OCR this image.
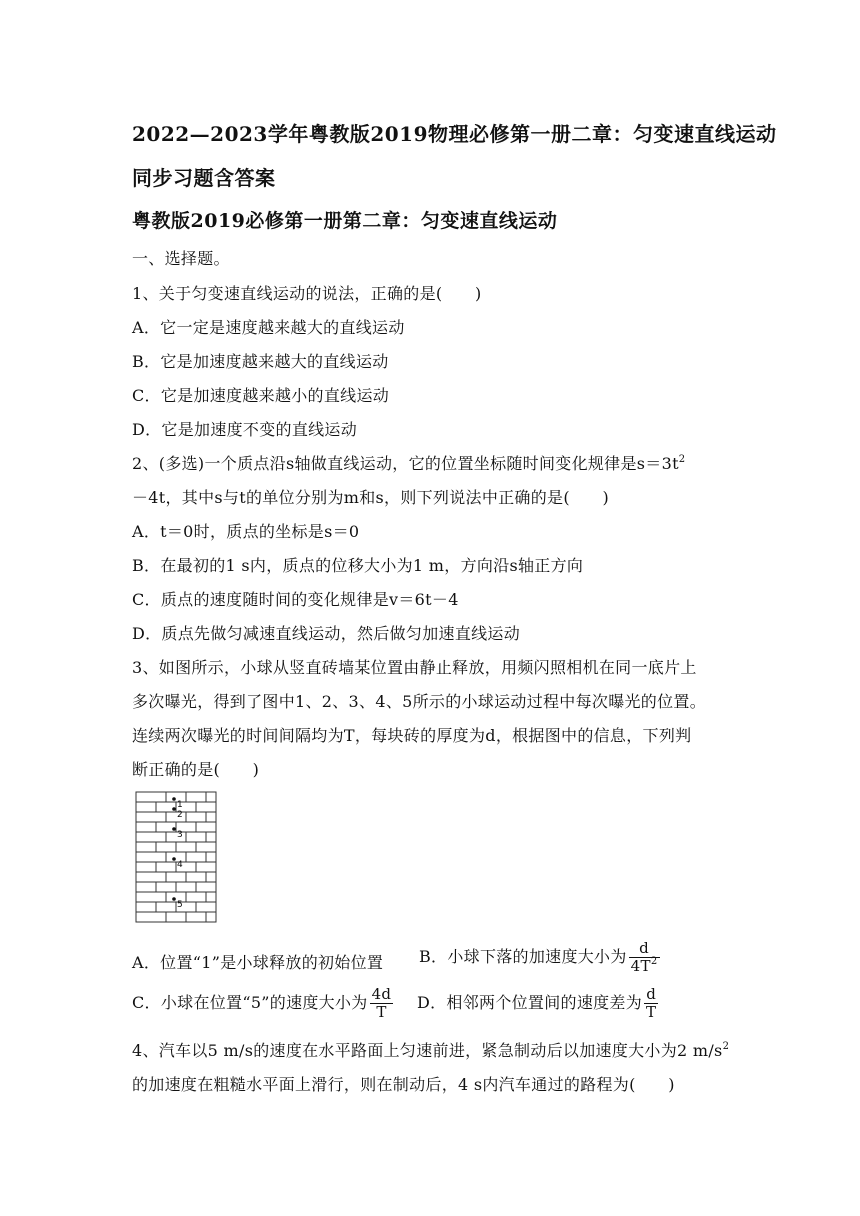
2022—2023学年粤教版2019物理必修第一册二章：匀变速直线运动
同步习题含答案
粤教版2019必修第一册第二章：匀变速直线运动
一、选择题。
1、关于匀变速直线运动的说法，正确的是(　　)
A．它一定是速度越来越大的直线运动
B．它是加速度越来越大的直线运动
C．它是加速度越来越小的直线运动
D．它是加速度不变的直线运动
2、(多选)一个质点沿s轴做直线运动，它的位置坐标随时间变化规律是$s=3t^2$
－4t，其中s与t的单位分别为m和s，则下列说法中正确的是(　　)
A．t＝0时，质点的坐标是s＝0
B．在最初的1 s内，质点的位移大小为1 m，方向沿s轴正方向
C．质点的速度随时间的变化规律是v＝6t－4
D．质点先做匀减速直线运动，然后做匀加速直线运动
3、如图所示，小球从竖直砖墙某位置由静止释放，用频闪照相机在同一底片上
多次曝光，得到了图中1、2、3、4、5所示的小球运动过程中每次曝光的位置。
连续两次曝光的时间间隔均为T，每块砖的厚度为d，根据图中的信息，下列判
断正确的是(　　)
1
2
3
4
5
A．位置“1”是小球释放的初始位置 B．小球下落的加速度大小为 $\frac{d}{4T^2}$
C．小球在位置“5”的速度大小为 $\frac{4d}{T}$ D．相邻两个位置间的速度差为 $\frac{d}{T}$
4、汽车以5 m/s的速度在水平路面上匀速前进，紧急制动后以加速度大小为2 $m/s^2$
的加速度在粗糙水平面上滑行，则在制动后，4 s内汽车通过的路程为(　　)
